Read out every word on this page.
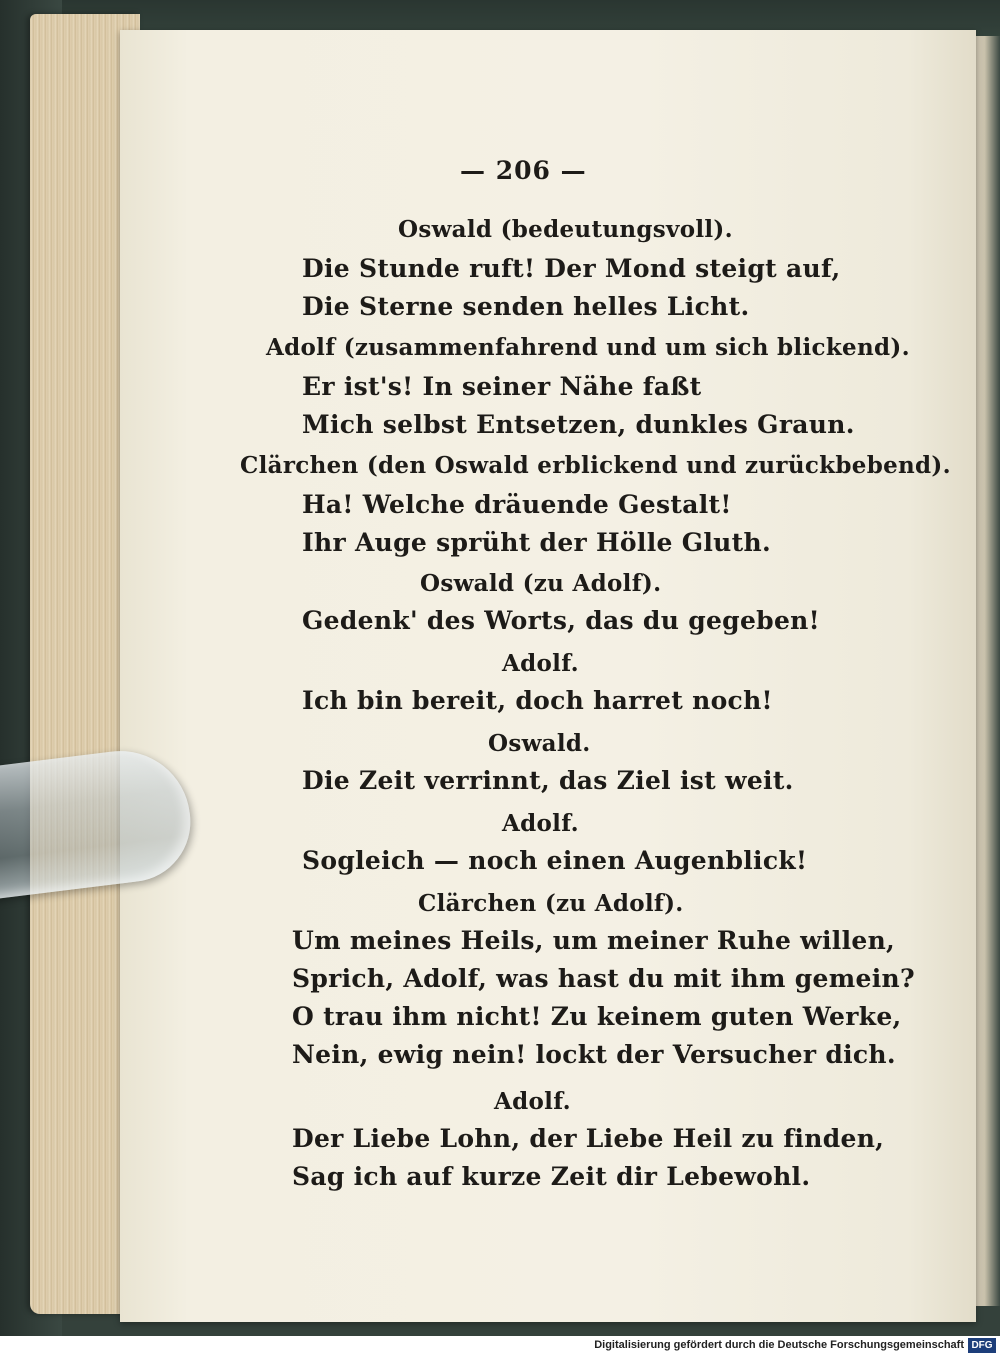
— 206 —
Oswald (bedeutungsvoll).
Die Stunde ruft! Der Mond steigt auf,
Die Sterne senden helles Licht.
Adolf (zusammenfahrend und um sich blickend).
Er ist's! In seiner Nähe faßt
Mich selbst Entsetzen, dunkles Graun.
Clärchen (den Oswald erblickend und zurückbebend).
Ha! Welche dräuende Gestalt!
Ihr Auge sprüht der Hölle Gluth.
Oswald (zu Adolf).
Gedenk' des Worts, das du gegeben!
Adolf.
Ich bin bereit, doch harret noch!
Oswald.
Die Zeit verrinnt, das Ziel ist weit.
Adolf.
Sogleich — noch einen Augenblick!
Clärchen (zu Adolf).
Um meines Heils, um meiner Ruhe willen,
Sprich, Adolf, was hast du mit ihm gemein?
O trau ihm nicht! Zu keinem guten Werke,
Nein, ewig nein! lockt der Versucher dich.
Adolf.
Der Liebe Lohn, der Liebe Heil zu finden,
Sag ich auf kurze Zeit dir Lebewohl.
Digitalisierung gefördert durch die Deutsche Forschungsgemeinschaft DFG
